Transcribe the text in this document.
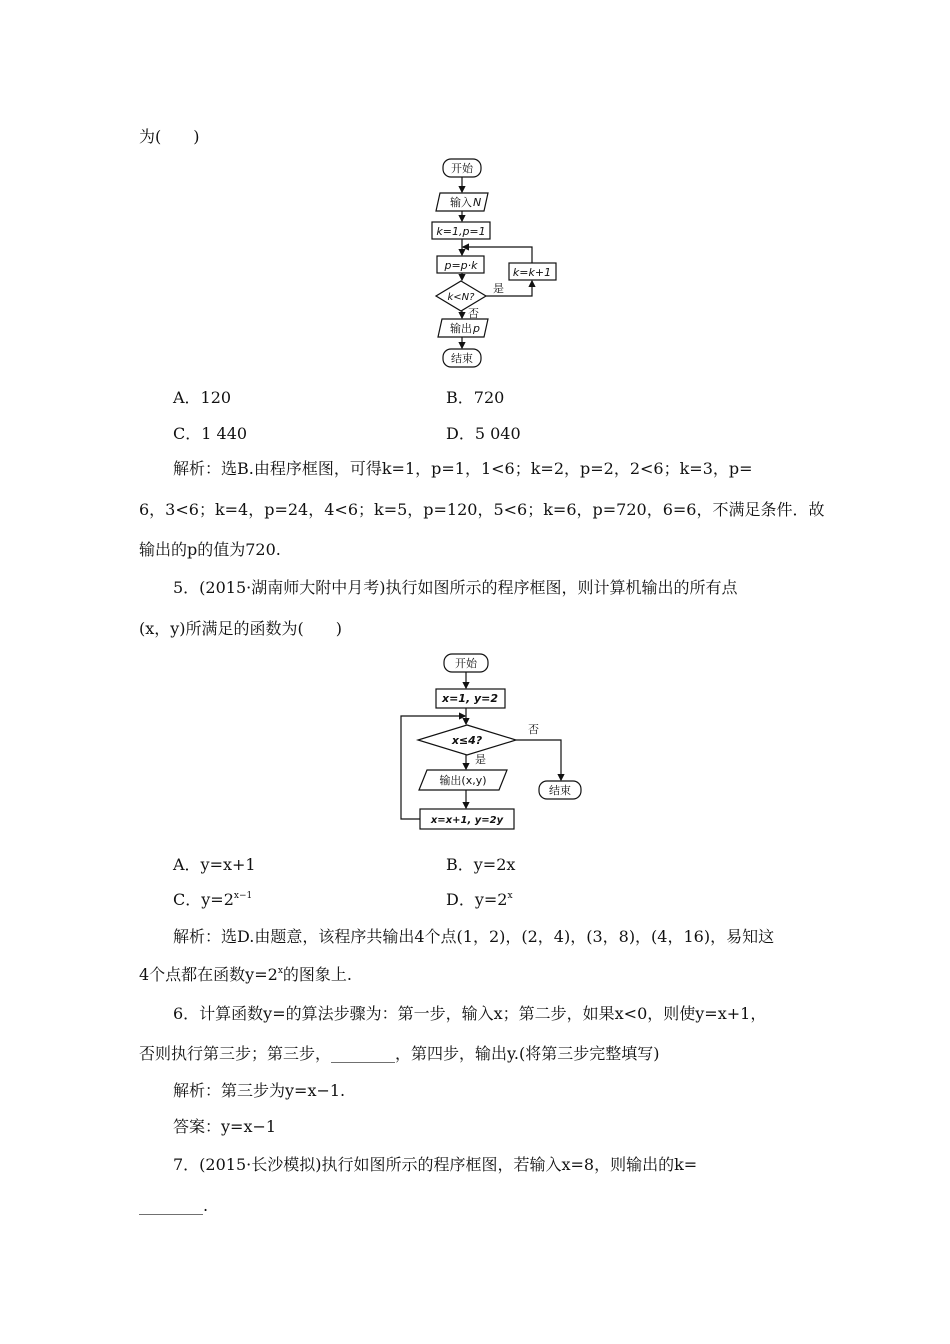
为(　　)
开始
输入 N
k=1,p=1
p=p·k
k<N?
是
否
k=k+1
输出 p
结束
A．120	B．720
C．1 440	D．5 040
解析：选B.由程序框图，可得k=1，p=1，1<6；k=2，p=2，2<6；k=3，p=
6，3<6；k=4，p=24，4<6；k=5，p=120，5<6；k=6，p=720，6=6，不满足条件．故
输出的p的值为720.
5．(2015·湖南师大附中月考)执行如图所示的程序框图，则计算机输出的所有点
(x，y)所满足的函数为(　　)
开始
x=1, y=2
x≤4?
是
否
输出(x,y)
x=x+1, y=2y
结束
A．y=x+1	B．y=2x
C．$y=2^{x-1}$	D．$y=2^x$
解析：选D.由题意，该程序共输出4个点(1，2)，(2，4)，(3，8)，(4，16)，易知这
4个点都在函数$y=2^x$的图象上.
6．计算函数y=的算法步骤为：第一步，输入x；第二步，如果x<0，则使y=x+1，
否则执行第三步；第三步，________，第四步，输出y.(将第三步完整填写)
解析：第三步为y=x−1.
答案：y=x−1
7．(2015·长沙模拟)执行如图所示的程序框图，若输入x=8，则输出的k=
________.
